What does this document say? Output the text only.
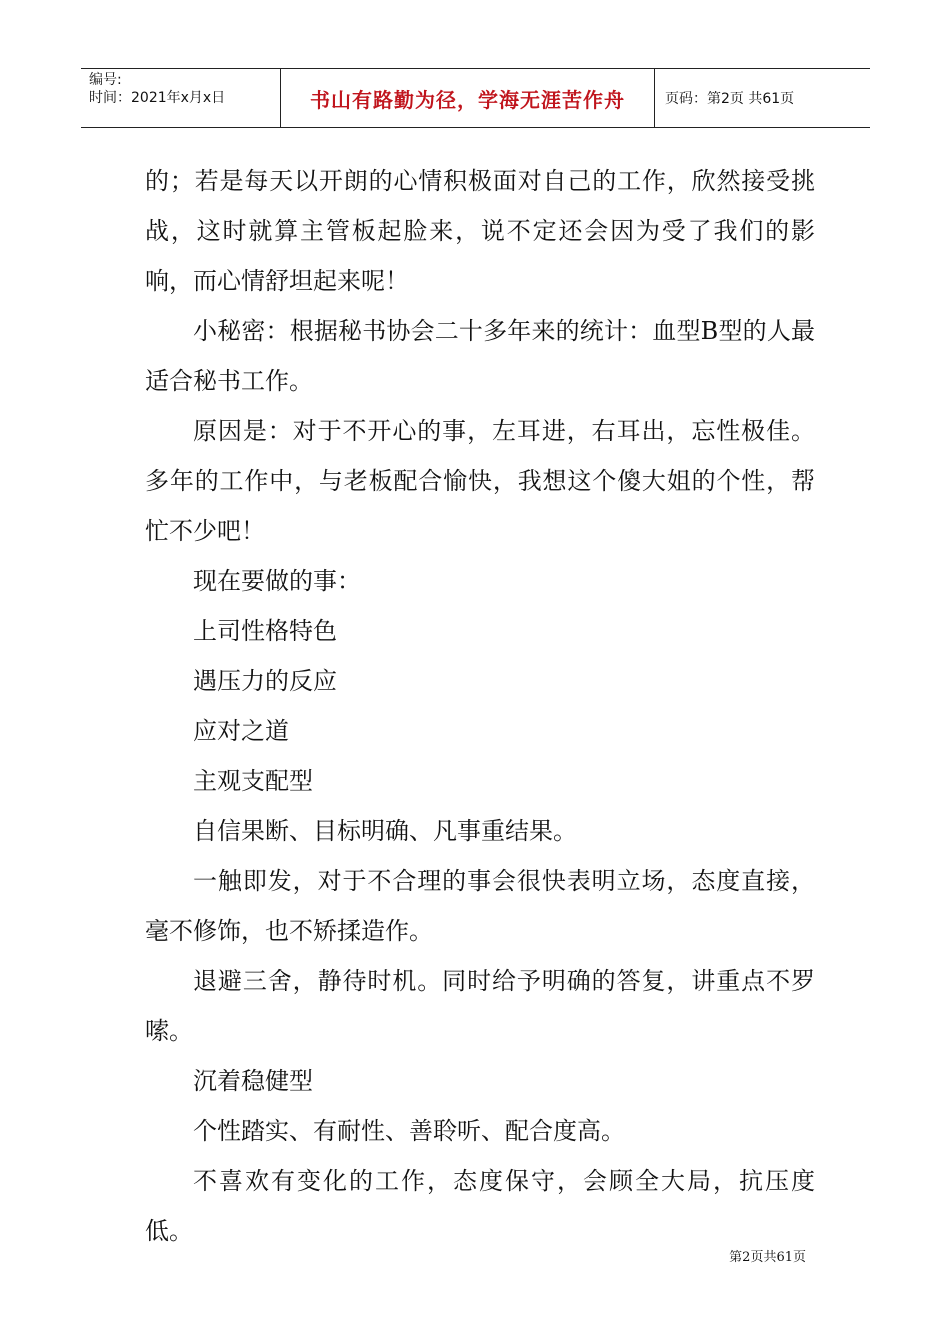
编号:
时间：2021年x月x日	书山有路勤为径，学海无涯苦作舟	页码：第2页 共61页

的；若是每天以开朗的心情积极面对自己的工作，欣然接受挑战，这时就算主管板起脸来，说不定还会因为受了我们的影响，而心情舒坦起来呢！

小秘密：根据秘书协会二十多年来的统计：血型B型的人最适合秘书工作。

原因是：对于不开心的事，左耳进，右耳出，忘性极佳。多年的工作中，与老板配合愉快，我想这个傻大姐的个性，帮忙不少吧！

现在要做的事：

上司性格特色

遇压力的反应

应对之道

主观支配型

自信果断、目标明确、凡事重结果。

一触即发，对于不合理的事会很快表明立场，态度直接，毫不修饰，也不矫揉造作。

退避三舍，静待时机。同时给予明确的答复，讲重点不罗嗦。

沉着稳健型

个性踏实、有耐性、善聆听、配合度高。

不喜欢有变化的工作，态度保守，会顾全大局，抗压度低。

第2页共61页
